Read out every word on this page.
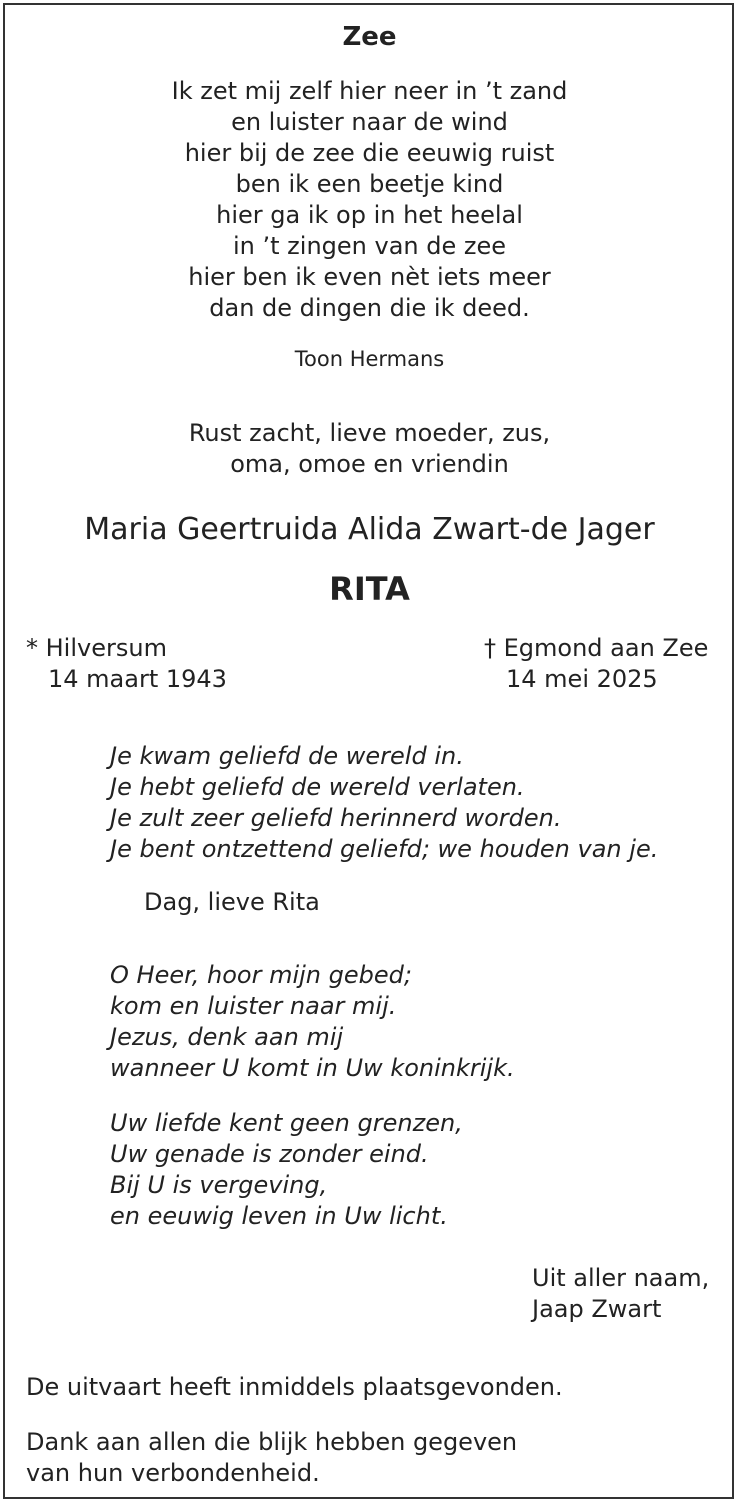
Zee
Ik zet mij zelf hier neer in ’t zand
en luister naar de wind
hier bij de zee die eeuwig ruist
ben ik een beetje kind
hier ga ik op in het heelal
in ’t zingen van de zee
hier ben ik even nèt iets meer
dan de dingen die ik deed.
Toon Hermans
Rust zacht, lieve moeder, zus,
oma, omoe en vriendin
Maria Geertruida Alida Zwart-de Jager
RITA
* Hilversum
14 maart 1943
† Egmond aan Zee
14 mei 2025
Je kwam geliefd de wereld in.
Je hebt geliefd de wereld verlaten.
Je zult zeer geliefd herinnerd worden.
Je bent ontzettend geliefd; we houden van je.
Dag, lieve Rita
O Heer, hoor mijn gebed;
kom en luister naar mij.
Jezus, denk aan mij
wanneer U komt in Uw koninkrijk.
Uw liefde kent geen grenzen,
Uw genade is zonder eind.
Bij U is vergeving,
en eeuwig leven in Uw licht.
Uit aller naam,
Jaap Zwart
De uitvaart heeft inmiddels plaatsgevonden.
Dank aan allen die blijk hebben gegeven
van hun verbondenheid.
